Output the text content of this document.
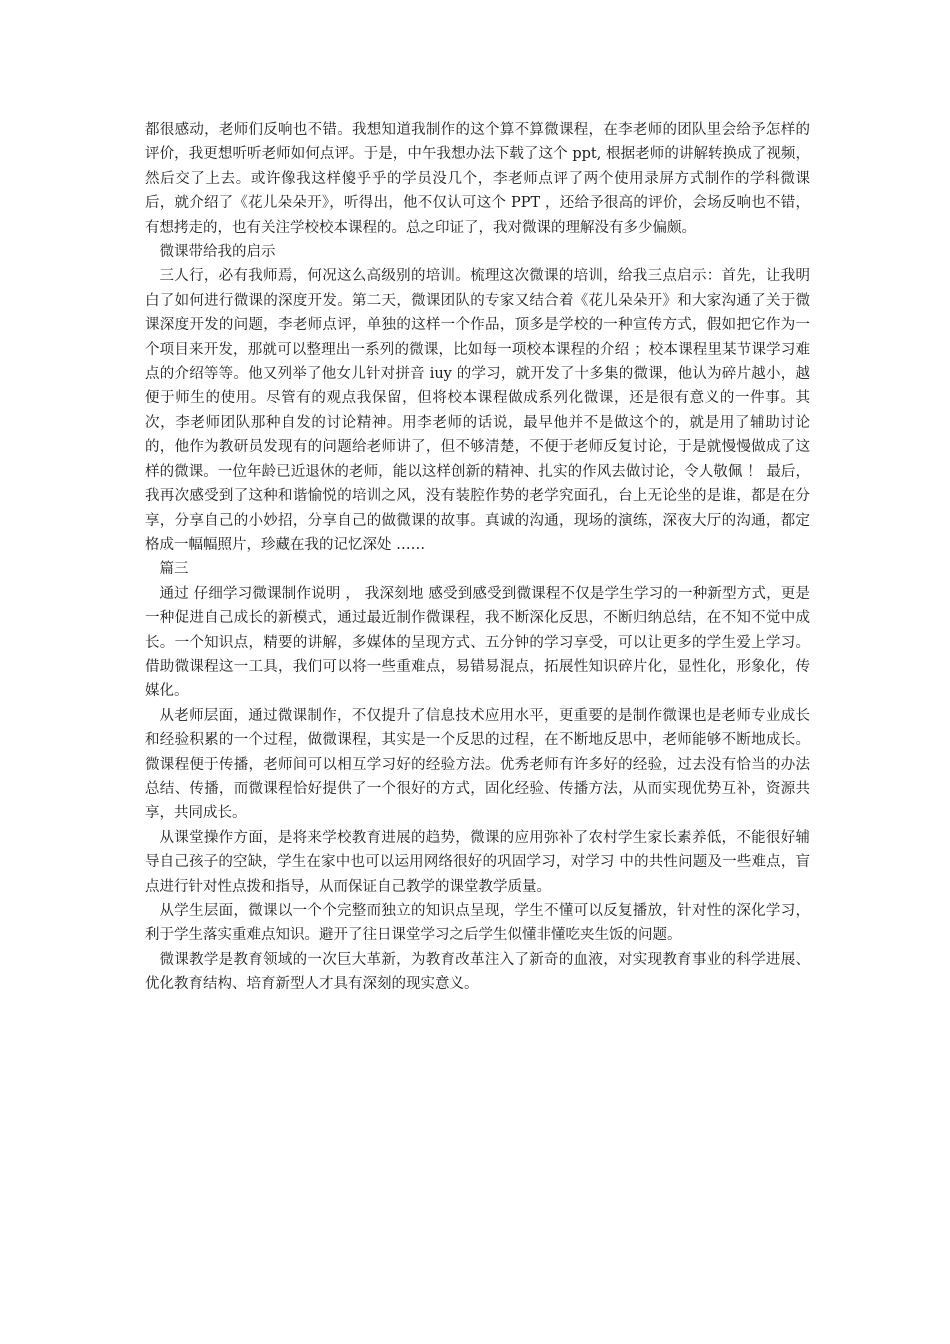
都很感动，老师们反响也不错。我想知道我制作的这个算不算微课程，在李老师的团队里会给予怎样的评价，我更想听听老师如何点评。于是，中午我想办法下载了这个 ppt, 根据老师的讲解转换成了视频，然后交了上去。或许像我这样傻乎乎的学员没几个，李老师点评了两个使用录屏方式制作的学科微课后，就介绍了《花儿朵朵开》，听得出，他不仅认可这个 PPT ，还给予很高的评价，会场反响也不错，有想拷走的，也有关注学校校本课程的。总之印证了，我对微课的理解没有多少偏颇。

微课带给我的启示

三人行，必有我师焉，何况这么高级别的培训。梳理这次微课的培训，给我三点启示：首先，让我明白了如何进行微课的深度开发。第二天，微课团队的专家又结合着《花儿朵朵开》和大家沟通了关于微课深度开发的问题，李老师点评，单独的这样一个作品，顶多是学校的一种宣传方式，假如把它作为一个项目来开发，那就可以整理出一系列的微课，比如每一项校本课程的介绍 ；校本课程里某节课学习难点的介绍等等。他又列举了他女儿针对拼音 iuy 的学习，就开发了十多集的微课，他认为碎片越小，越便于师生的使用。尽管有的观点我保留，但将校本课程做成系列化微课，还是很有意义的一件事。其次，李老师团队那种自发的讨论精神。用李老师的话说，最早他并不是做这个的，就是用了辅助讨论的，他作为教研员发现有的问题给老师讲了，但不够清楚，不便于老师反复讨论，于是就慢慢做成了这样的微课。一位年龄已近退休的老师，能以这样创新的精神、扎实的作风去做讨论，令人敬佩 ！ 最后，我再次感受到了这种和谐愉悦的培训之风，没有装腔作势的老学究面孔，台上无论坐的是谁，都是在分享，分享自己的小妙招，分享自己的做微课的故事。真诚的沟通，现场的演练，深夜大厅的沟通，都定格成一幅幅照片，珍藏在我的记忆深处 ……

篇三

通过 仔细学习微课制作说明 ， 我深刻地 感受到感受到微课程不仅是学生学习的一种新型方式，更是一种促进自己成长的新模式，通过最近制作微课程，我不断深化反思，不断归纳总结，在不知不觉中成长。一个知识点，精要的讲解，多媒体的呈现方式、五分钟的学习享受，可以让更多的学生爱上学习。借助微课程这一工具，我们可以将一些重难点，易错易混点，拓展性知识碎片化，显性化，形象化，传媒化。

从老师层面，通过微课制作，不仅提升了信息技术应用水平，更重要的是制作微课也是老师专业成长和经验积累的一个过程，做微课程，其实是一个反思的过程，在不断地反思中，老师能够不断地成长。微课程便于传播，老师间可以相互学习好的经验方法。优秀老师有许多好的经验，过去没有恰当的办法总结、传播，而微课程恰好提供了一个很好的方式，固化经验、传播方法，从而实现优势互补，资源共享，共同成长。

从课堂操作方面，是将来学校教育进展的趋势，微课的应用弥补了农村学生家长素养低，不能很好辅导自己孩子的空缺，学生在家中也可以运用网络很好的巩固学习，对学习 中的共性问题及一些难点，盲点进行针对性点拨和指导，从而保证自己教学的课堂教学质量。

从学生层面，微课以一个个完整而独立的知识点呈现，学生不懂可以反复播放，针对性的深化学习，利于学生落实重难点知识。避开了往日课堂学习之后学生似懂非懂吃夹生饭的问题。

微课教学是教育领域的一次巨大革新，为教育改革注入了新奇的血液，对实现教育事业的科学进展、优化教育结构、培育新型人才具有深刻的现实意义。
